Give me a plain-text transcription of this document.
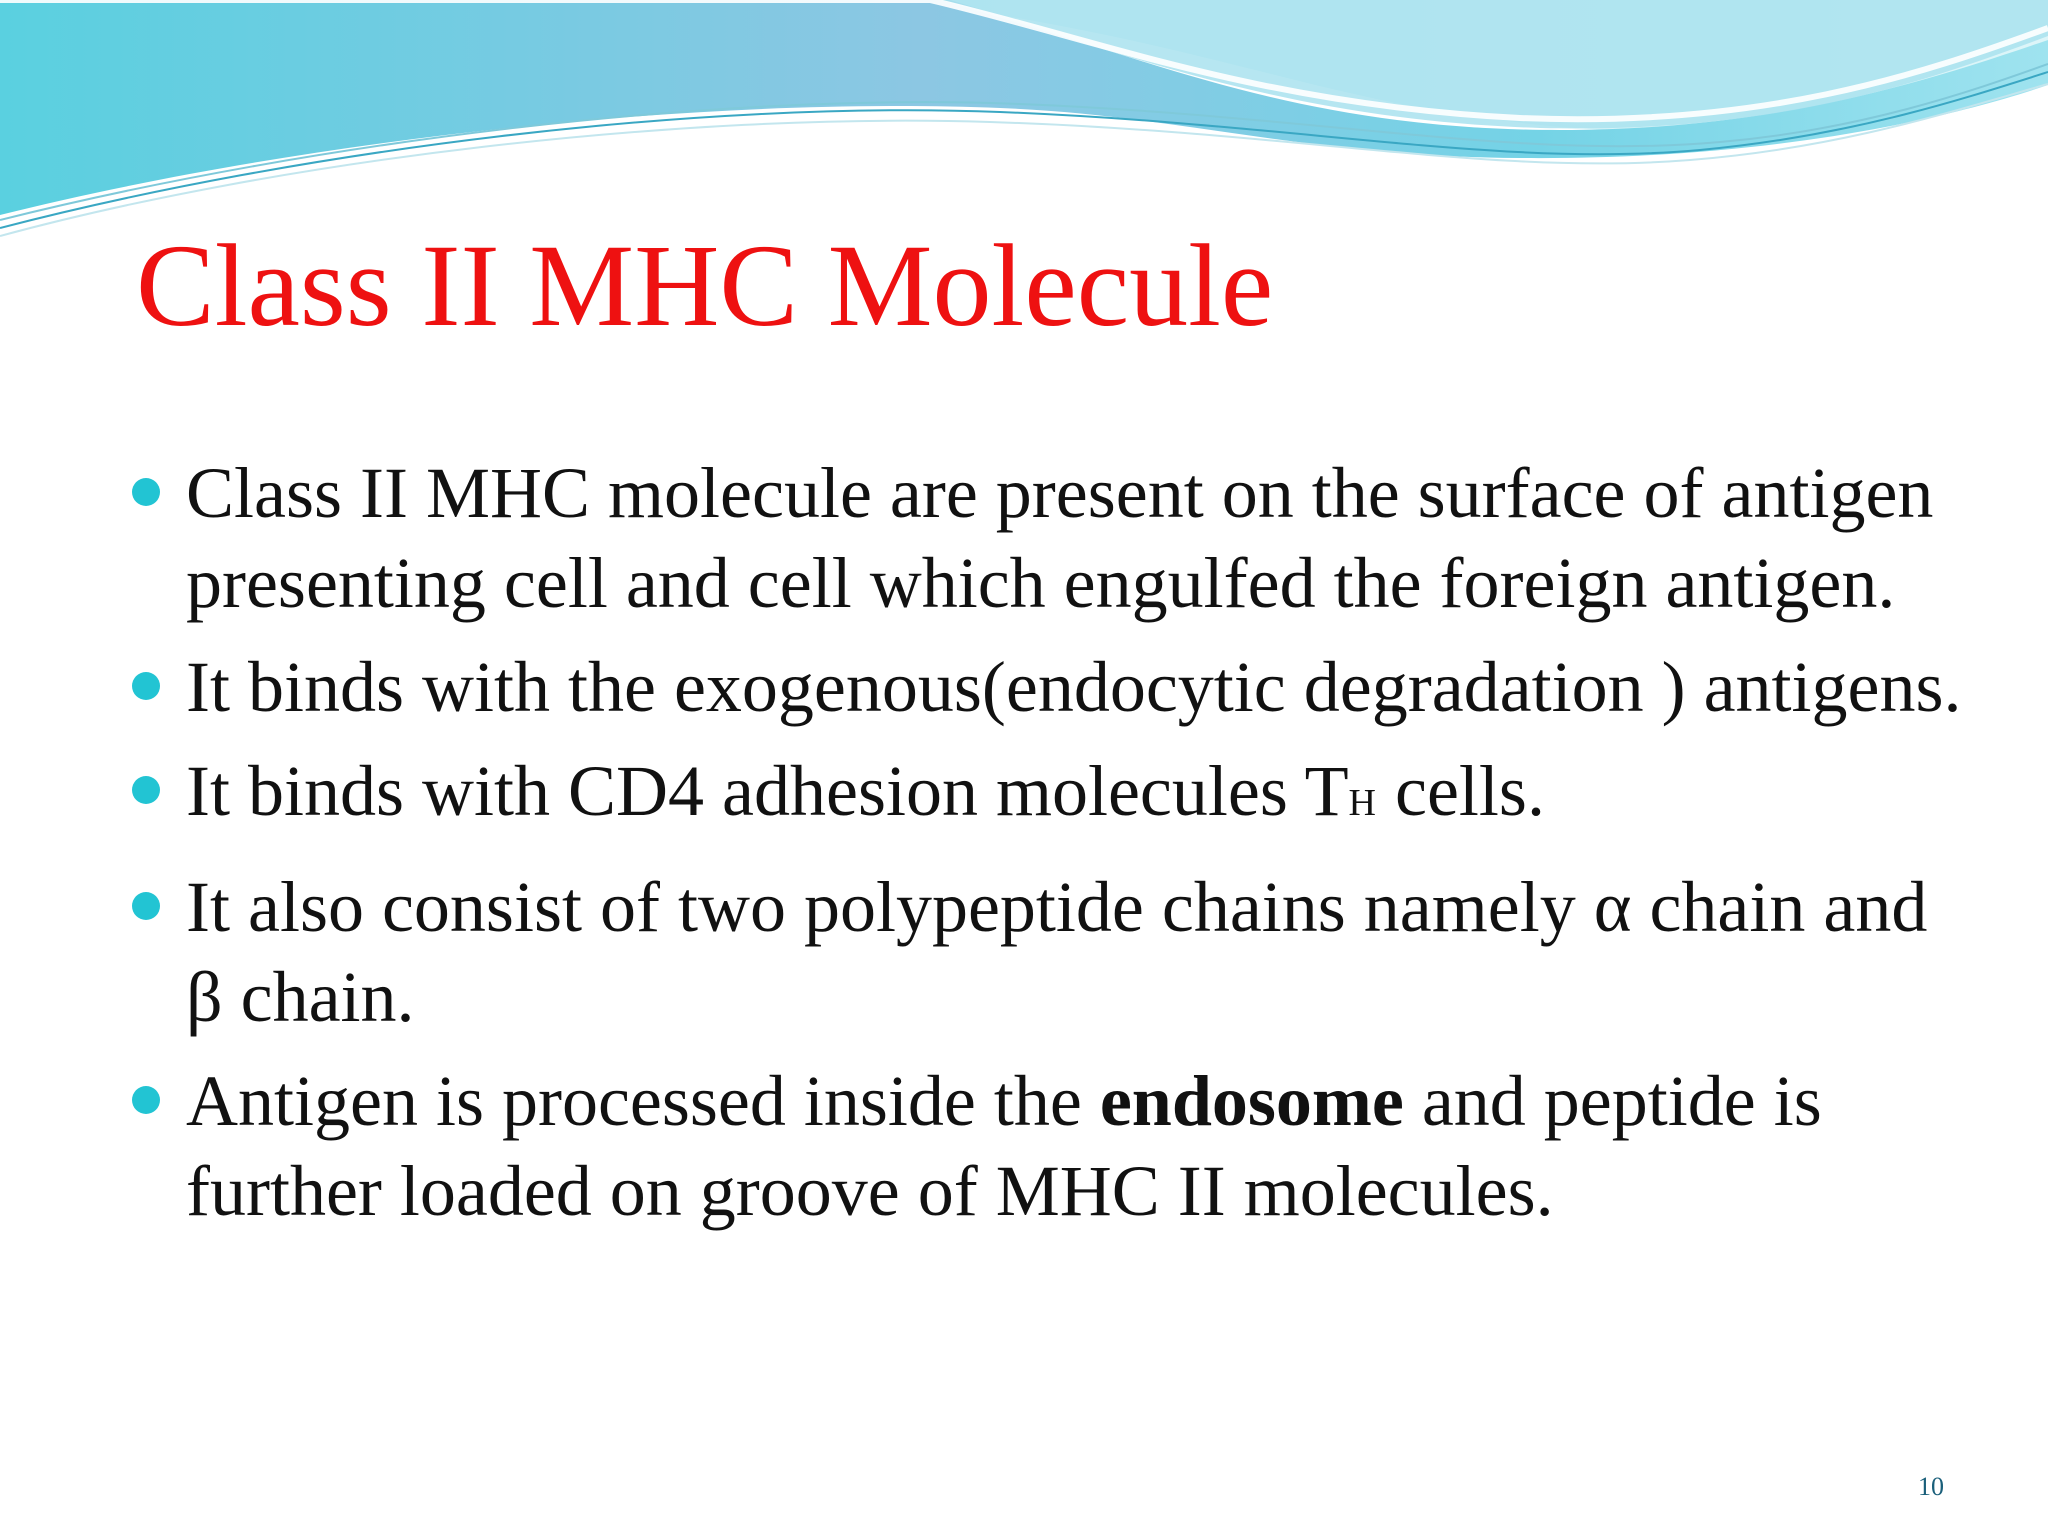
Class II MHC Molecule
Class II MHC molecule are present on the surface of antigen presenting cell and cell which engulfed the foreign antigen.
It binds with the exogenous(endocytic degradation ) antigens.
It binds with CD4 adhesion molecules TH cells.
It also consist of two polypeptide chains namely α chain and β chain.
Antigen is processed inside the endosome and peptide is further loaded on groove of MHC II molecules.
10
